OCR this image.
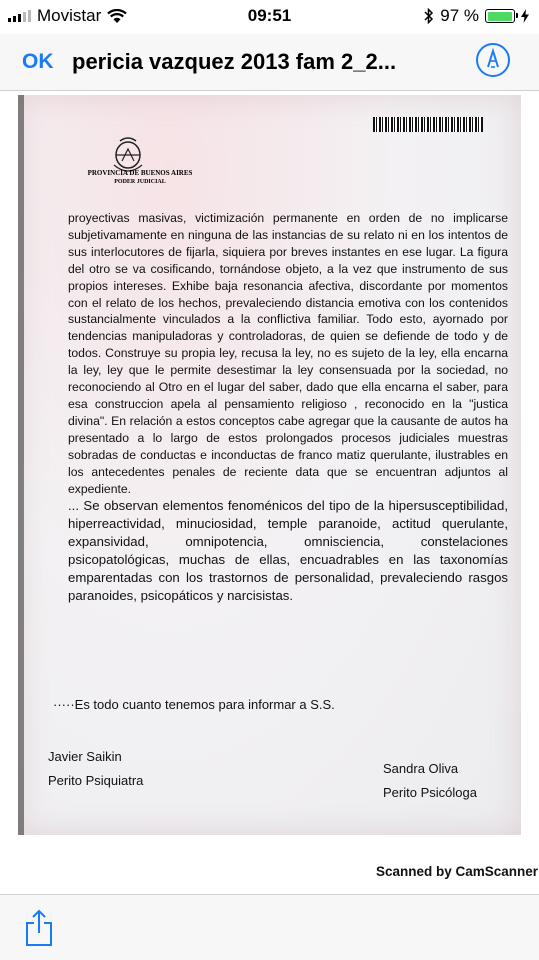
Movistar	09:51	97 %
OK pericia vazquez 2013 fam 2_2...
PROVINCIA DE BUENOS AIRES
PODER JUDICIAL

proyectivas masivas, victimización permanente en orden de no implicarse subjetivamamente en ninguna de las instancias de su relato ni en los intentos de sus interlocutores de fijarla, siquiera por breves instantes en ese lugar. La figura del otro se va cosificando, tornándose objeto, a la vez que instrumento de sus propios intereses. Exhibe baja resonancia afectiva, discordante por momentos con el relato de los hechos, prevaleciendo distancia emotiva con los contenidos sustancialmente vinculados a la conflictiva familiar. Todo esto, ayornado por tendencias manipuladoras y controladoras, de quien se defiende de todo y de todos. Construye su propia ley, recusa la ley, no es sujeto de la ley, ella encarna la ley, ley que le permite desestimar la ley consensuada por la sociedad, no reconociendo al Otro en el lugar del saber, dado que ella encarna el saber, para esa construccion apela al pensamiento religioso , reconocido en la "justica divina". En relación a estos conceptos cabe agregar que la causante de autos ha presentado a lo largo de estos prolongados procesos judiciales muestras sobradas de conductas e inconductas de franco matiz querulante, ilustrables en los antecedentes penales de reciente data que se encuentran adjuntos al expediente.

... Se observan elementos fenoménicos del tipo de la hipersusceptibilidad, hiperreactividad, minuciosidad, temple paranoide, actitud querulante, expansividad, omnipotencia, omnisciencia, constelaciones psicopatológicas, muchas de ellas, encuadrables en las taxonomías emparentadas con los trastornos de personalidad, prevaleciendo rasgos paranoides, psicopáticos y narcisistas.

·····Es todo cuanto tenemos para informar a S.S.
Javier Saikin
Perito Psiquiatra
Sandra Oliva
Perito Psicóloga
Scanned by CamScanner
